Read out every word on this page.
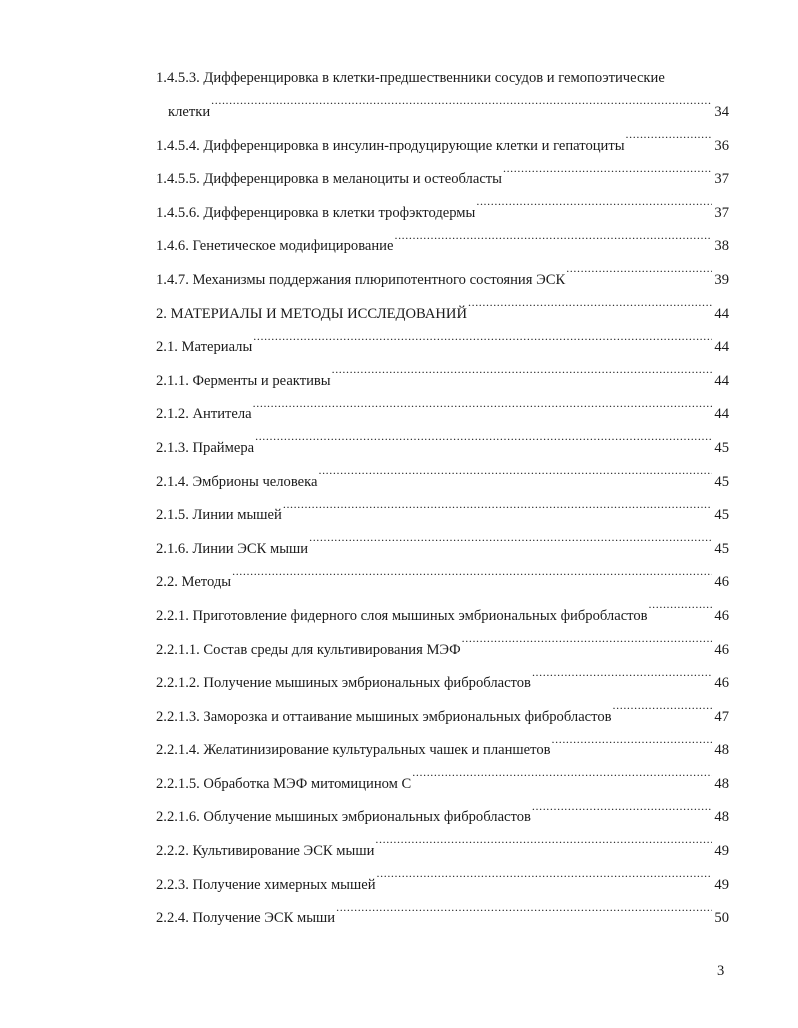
1.4.5.3. Дифференцировка в клетки-предшественники сосудов и гемопоэтические
клетки .....	34
1.4.5.4. Дифференцировка в инсулин-продуцирующие клетки и гепатоциты .....	36
1.4.5.5. Дифференцировка в меланоциты и остеобласты .....	37
1.4.5.6. Дифференцировка в клетки трофэктодермы .....	37
1.4.6. Генетическое модифицирование .....	38
1.4.7. Механизмы поддержания плюрипотентного состояния ЭСК .....	39
2. МАТЕРИАЛЫ И МЕТОДЫ ИССЛЕДОВАНИЙ .....	44
2.1. Материалы .....	44
2.1.1. Ферменты и реактивы .....	44
2.1.2. Антитела .....	44
2.1.3. Праймера .....	45
2.1.4. Эмбрионы человека .....	45
2.1.5. Линии мышей .....	45
2.1.6. Линии ЭСК мыши .....	45
2.2. Методы .....	46
2.2.1. Приготовление фидерного слоя мышиных эмбриональных фибробластов .....	46
2.2.1.1. Состав среды для культивирования МЭФ .....	46
2.2.1.2. Получение мышиных эмбриональных фибробластов .....	46
2.2.1.3. Заморозка и оттаивание мышиных эмбриональных фибробластов .....	47
2.2.1.4. Желатинизирование культуральных чашек и планшетов .....	48
2.2.1.5. Обработка МЭФ митомицином С .....	48
2.2.1.6. Облучение мышиных эмбриональных фибробластов .....	48
2.2.2. Культивирование ЭСК мыши .....	49
2.2.3. Получение химерных мышей .....	49
2.2.4. Получение ЭСК мыши .....	50
3
